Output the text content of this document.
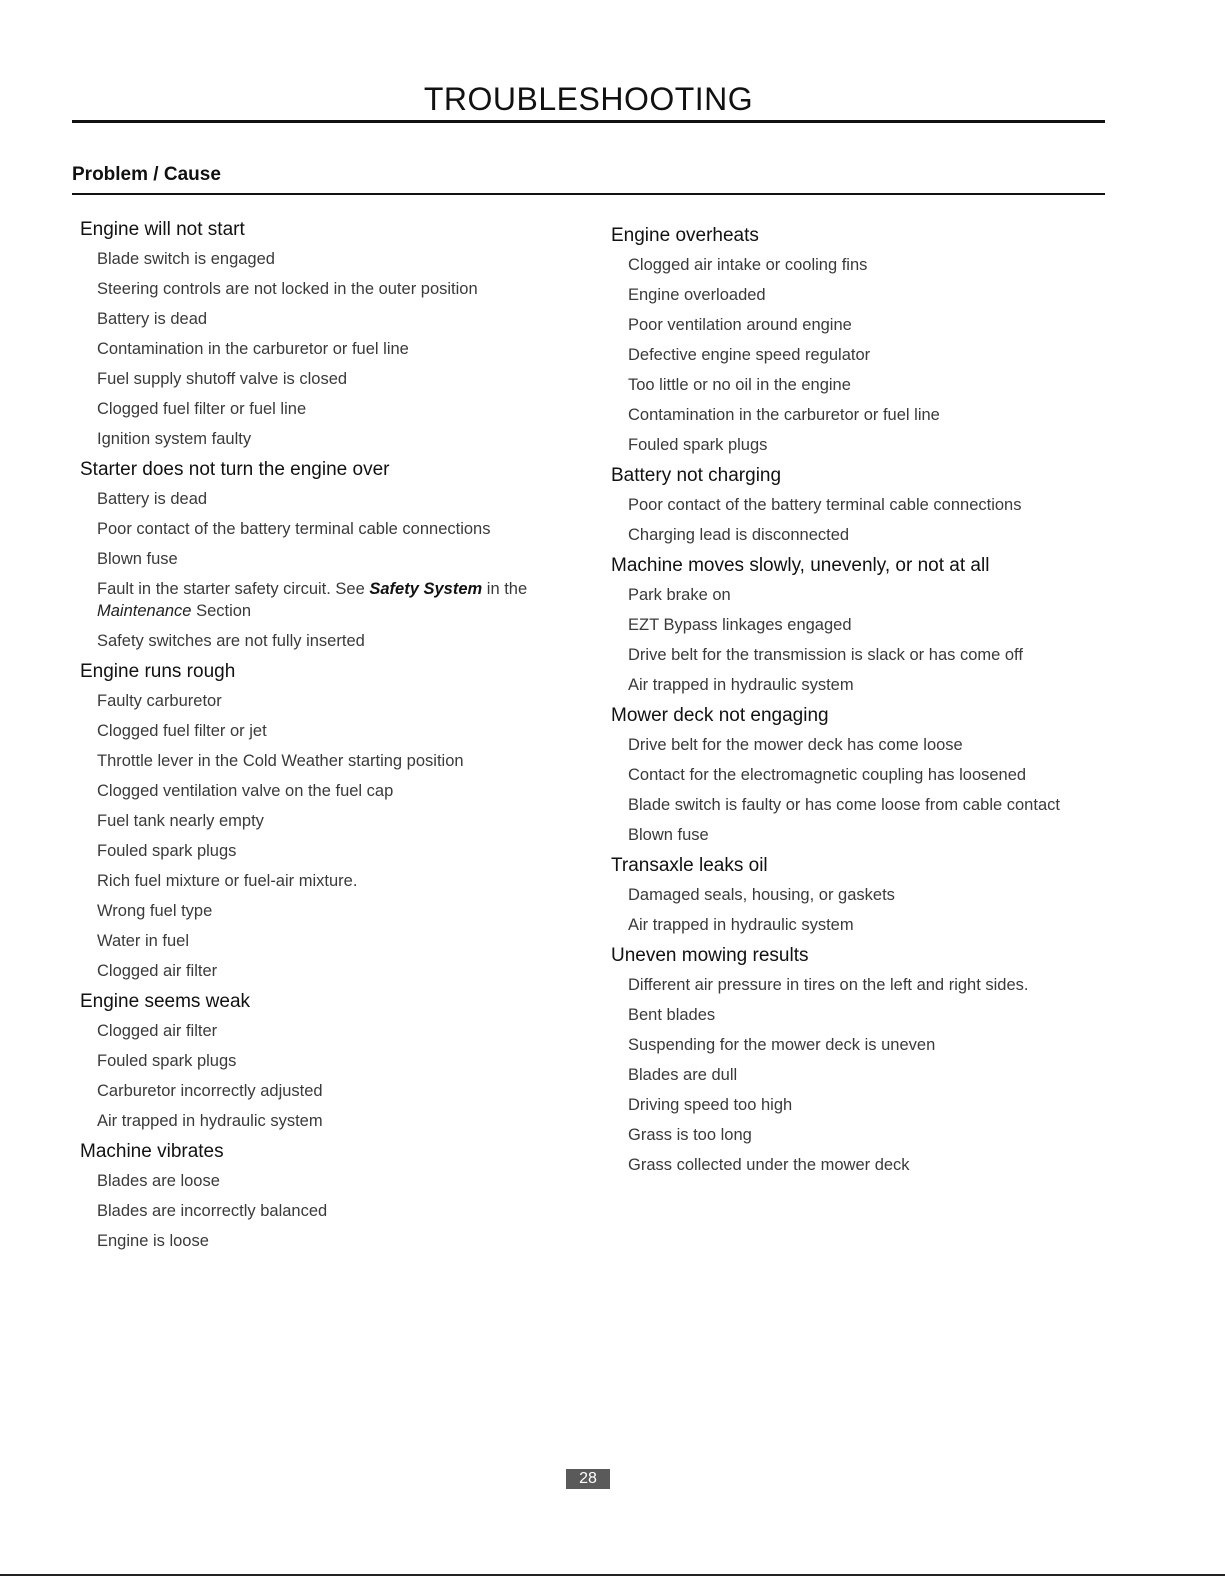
TROUBLESHOOTING
Problem / Cause
Engine will not start
Blade switch is engaged
Steering controls are not locked in the outer position
Battery is dead
Contamination in the carburetor or fuel line
Fuel supply shutoff valve is closed
Clogged fuel filter or fuel line
Ignition system faulty
Starter does not turn the engine over
Battery is dead
Poor contact of the battery terminal cable connections
Blown fuse
Fault in the starter safety circuit. See Safety System in the Maintenance Section
Safety switches are not fully inserted
Engine runs rough
Faulty carburetor
Clogged fuel filter or jet
Throttle lever in the Cold Weather starting position
Clogged ventilation valve on the fuel cap
Fuel tank nearly empty
Fouled spark plugs
Rich fuel mixture or fuel-air mixture.
Wrong fuel type
Water in fuel
Clogged air filter
Engine seems weak
Clogged air filter
Fouled spark plugs
Carburetor incorrectly adjusted
Air trapped in hydraulic system
Machine vibrates
Blades are loose
Blades are incorrectly balanced
Engine is loose
Engine overheats
Clogged air intake or cooling fins
Engine overloaded
Poor ventilation around engine
Defective engine speed regulator
Too little or no oil in the engine
Contamination in the carburetor or fuel line
Fouled spark plugs
Battery not charging
Poor contact of the battery terminal cable connections
Charging lead is disconnected
Machine moves slowly, unevenly, or not at all
Park brake on
EZT Bypass linkages engaged
Drive belt for the transmission is slack or has come off
Air trapped in hydraulic system
Mower deck not engaging
Drive belt for the mower deck has come loose
Contact for the electromagnetic coupling has loosened
Blade switch is faulty or has come loose from cable contact
Blown fuse
Transaxle leaks oil
Damaged seals, housing, or gaskets
Air trapped in hydraulic system
Uneven mowing results
Different air pressure in tires on the left and right sides.
Bent blades
Suspending for the mower deck is uneven
Blades are dull
Driving speed too high
Grass is too long
Grass collected under the mower deck
28
